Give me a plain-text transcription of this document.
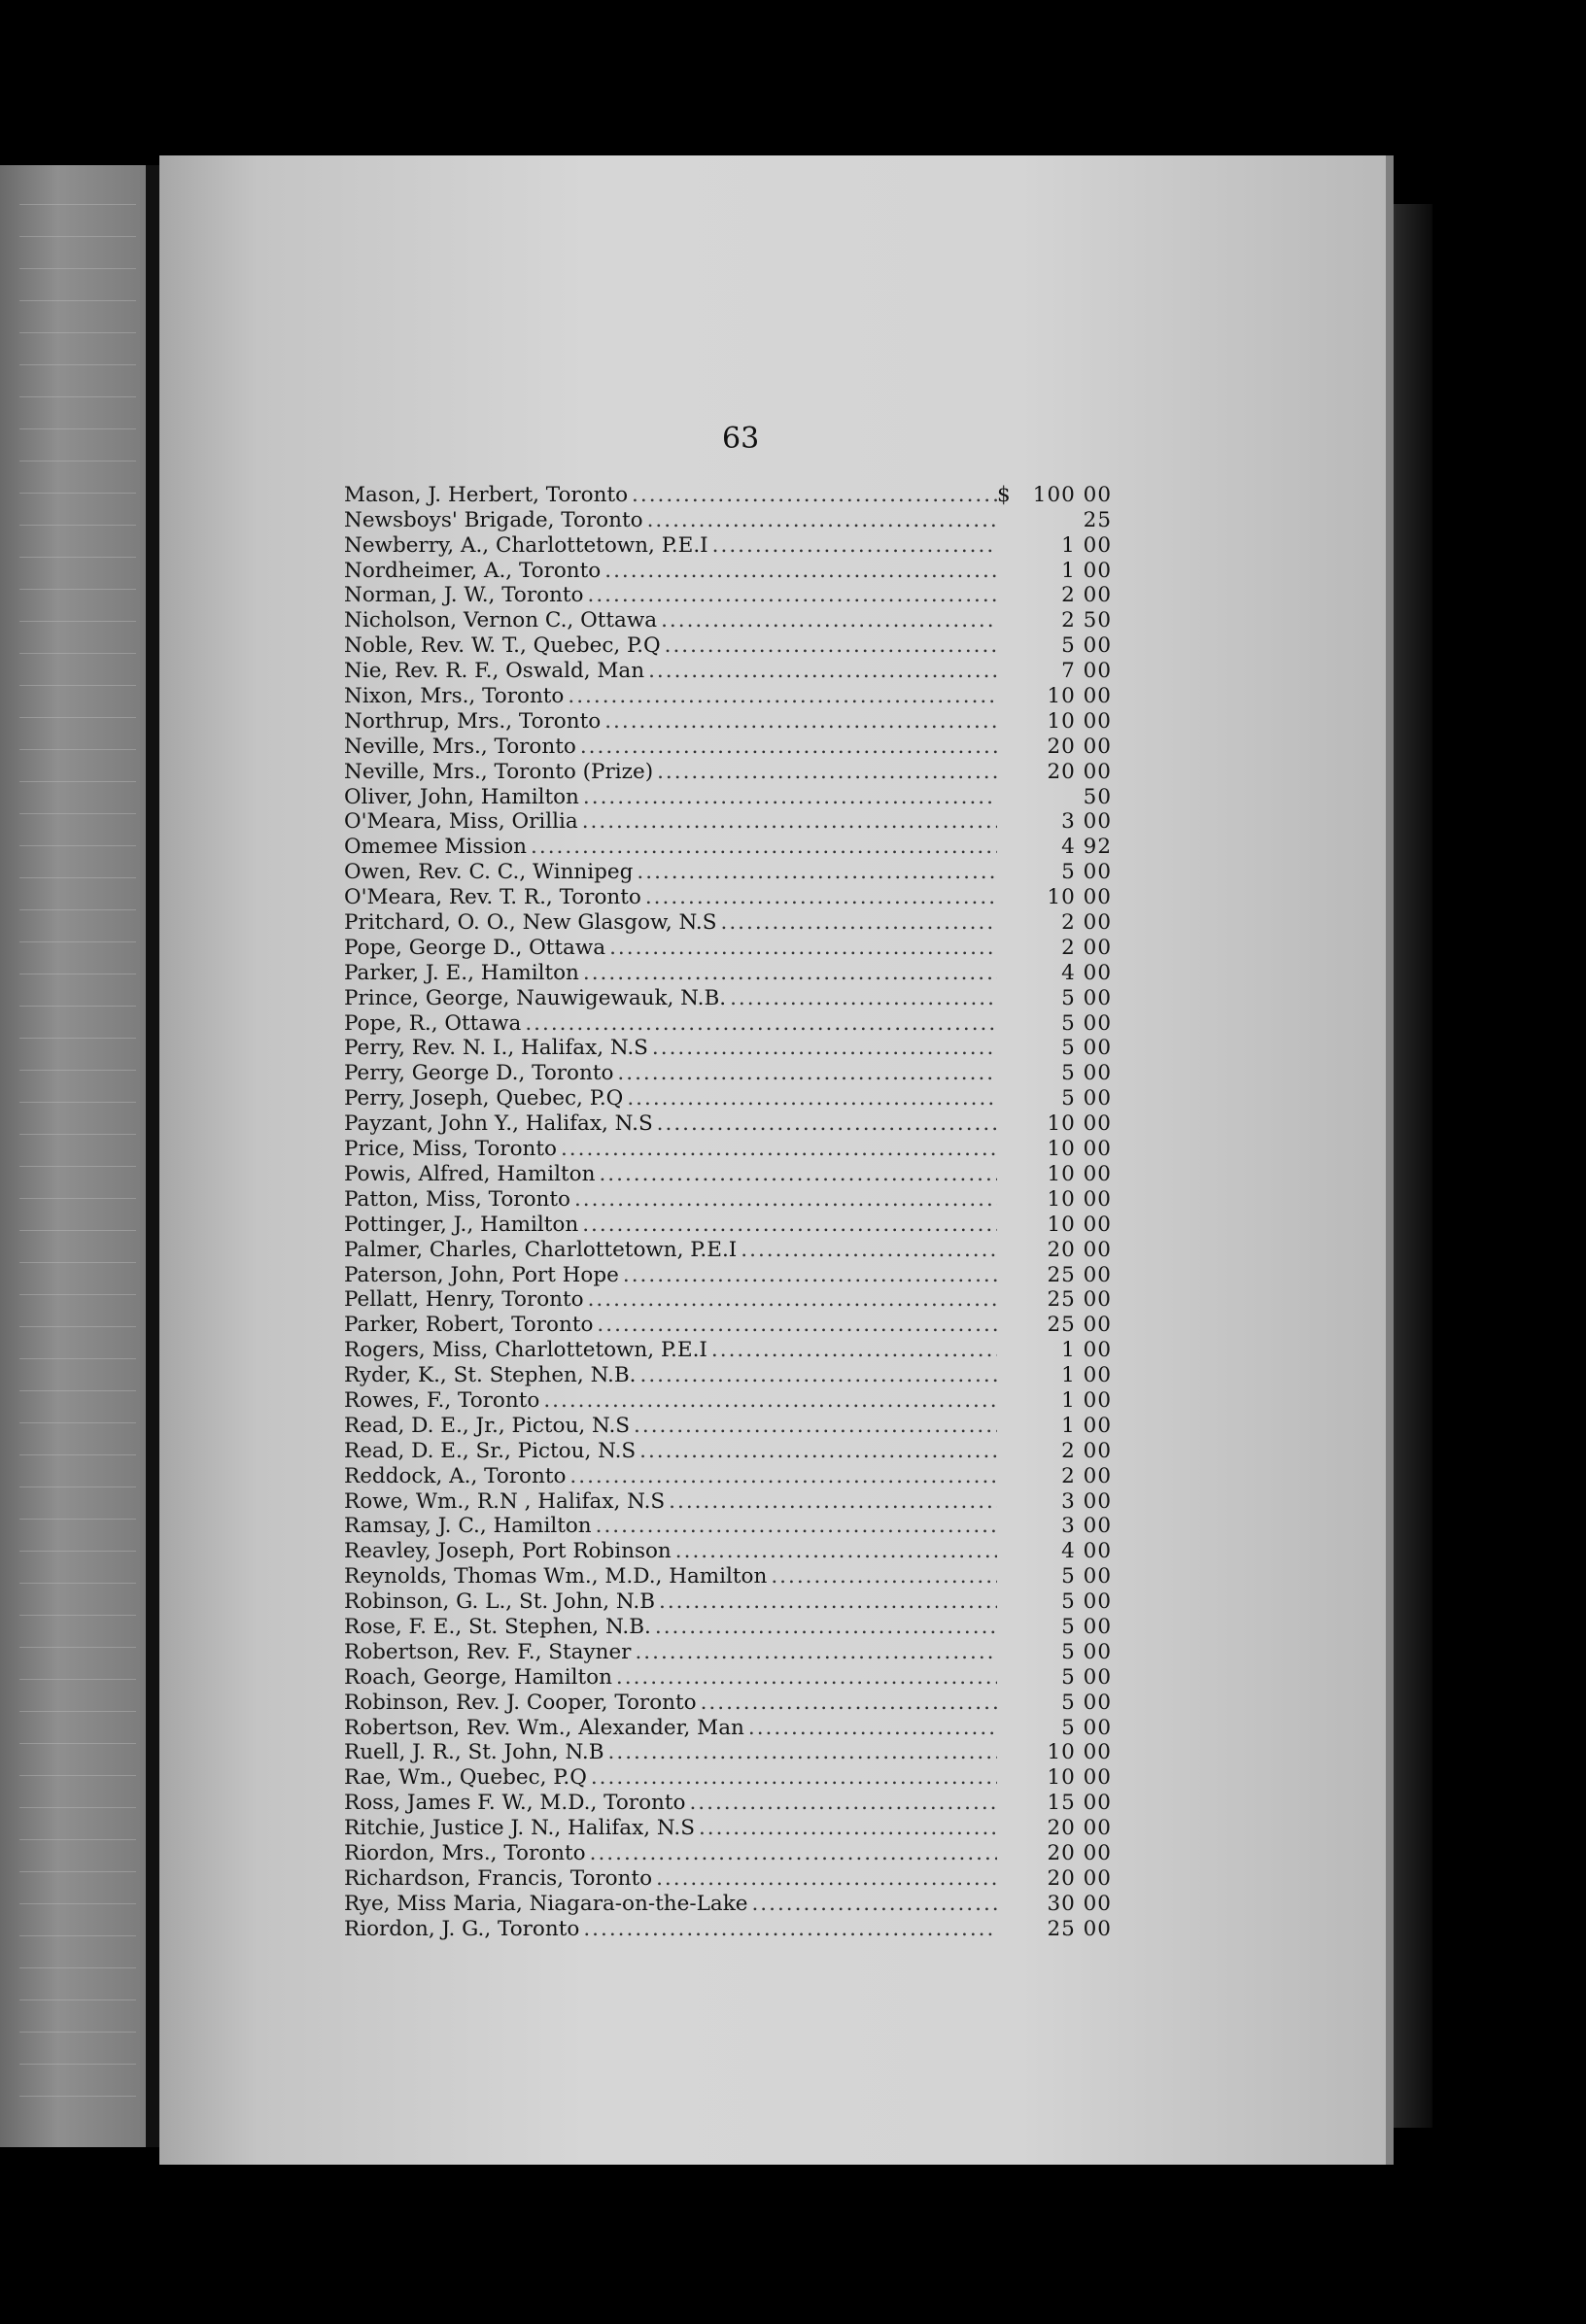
63
Mason, J. Herbert, Toronto .....	$	100 00
Newsboys' Brigade, Toronto .....	25
Newberry, A., Charlottetown, P.E.I .....	1 00
Nordheimer, A., Toronto .....	1 00
Norman, J. W., Toronto .....	2 00
Nicholson, Vernon C., Ottawa .....	2 50
Noble, Rev. W. T., Quebec, P.Q .....	5 00
Nie, Rev. R. F., Oswald, Man .....	7 00
Nixon, Mrs., Toronto .....	10 00
Northrup, Mrs., Toronto .....	10 00
Neville, Mrs., Toronto .....	20 00
Neville, Mrs., Toronto (Prize) .....	20 00
Oliver, John, Hamilton .....	50
O'Meara, Miss, Orillia .....	3 00
Omemee Mission .....	4 92
Owen, Rev. C. C., Winnipeg .....	5 00
O'Meara, Rev. T. R., Toronto .....	10 00
Pritchard, O. O., New Glasgow, N.S .....	2 00
Pope, George D., Ottawa .....	2 00
Parker, J. E., Hamilton .....	4 00
Prince, George, Nauwigewauk, N.B. .....	5 00
Pope, R., Ottawa .....	5 00
Perry, Rev. N. I., Halifax, N.S .....	5 00
Perry, George D., Toronto .....	5 00
Perry, Joseph, Quebec, P.Q .....	5 00
Payzant, John Y., Halifax, N.S .....	10 00
Price, Miss, Toronto .....	10 00
Powis, Alfred, Hamilton .....	10 00
Patton, Miss, Toronto .....	10 00
Pottinger, J., Hamilton .....	10 00
Palmer, Charles, Charlottetown, P.E.I .....	20 00
Paterson, John, Port Hope .....	25 00
Pellatt, Henry, Toronto .....	25 00
Parker, Robert, Toronto .....	25 00
Rogers, Miss, Charlottetown, P.E.I .....	1 00
Ryder, K., St. Stephen, N.B. .....	1 00
Rowes, F., Toronto .....	1 00
Read, D. E., Jr., Pictou, N.S .....	1 00
Read, D. E., Sr., Pictou, N.S .....	2 00
Reddock, A., Toronto .....	2 00
Rowe, Wm., R.N , Halifax, N.S .....	3 00
Ramsay, J. C., Hamilton .....	3 00
Reavley, Joseph, Port Robinson .....	4 00
Reynolds, Thomas Wm., M.D., Hamilton .....	5 00
Robinson, G. L., St. John, N.B .....	5 00
Rose, F. E., St. Stephen, N.B. .....	5 00
Robertson, Rev. F., Stayner .....	5 00
Roach, George, Hamilton .....	5 00
Robinson, Rev. J. Cooper, Toronto .....	5 00
Robertson, Rev. Wm., Alexander, Man .....	5 00
Ruell, J. R., St. John, N.B .....	10 00
Rae, Wm., Quebec, P.Q .....	10 00
Ross, James F. W., M.D., Toronto .....	15 00
Ritchie, Justice J. N., Halifax, N.S .....	20 00
Riordon, Mrs., Toronto .....	20 00
Richardson, Francis, Toronto .....	20 00
Rye, Miss Maria, Niagara-on-the-Lake .....	30 00
Riordon, J. G., Toronto .....	25 00
